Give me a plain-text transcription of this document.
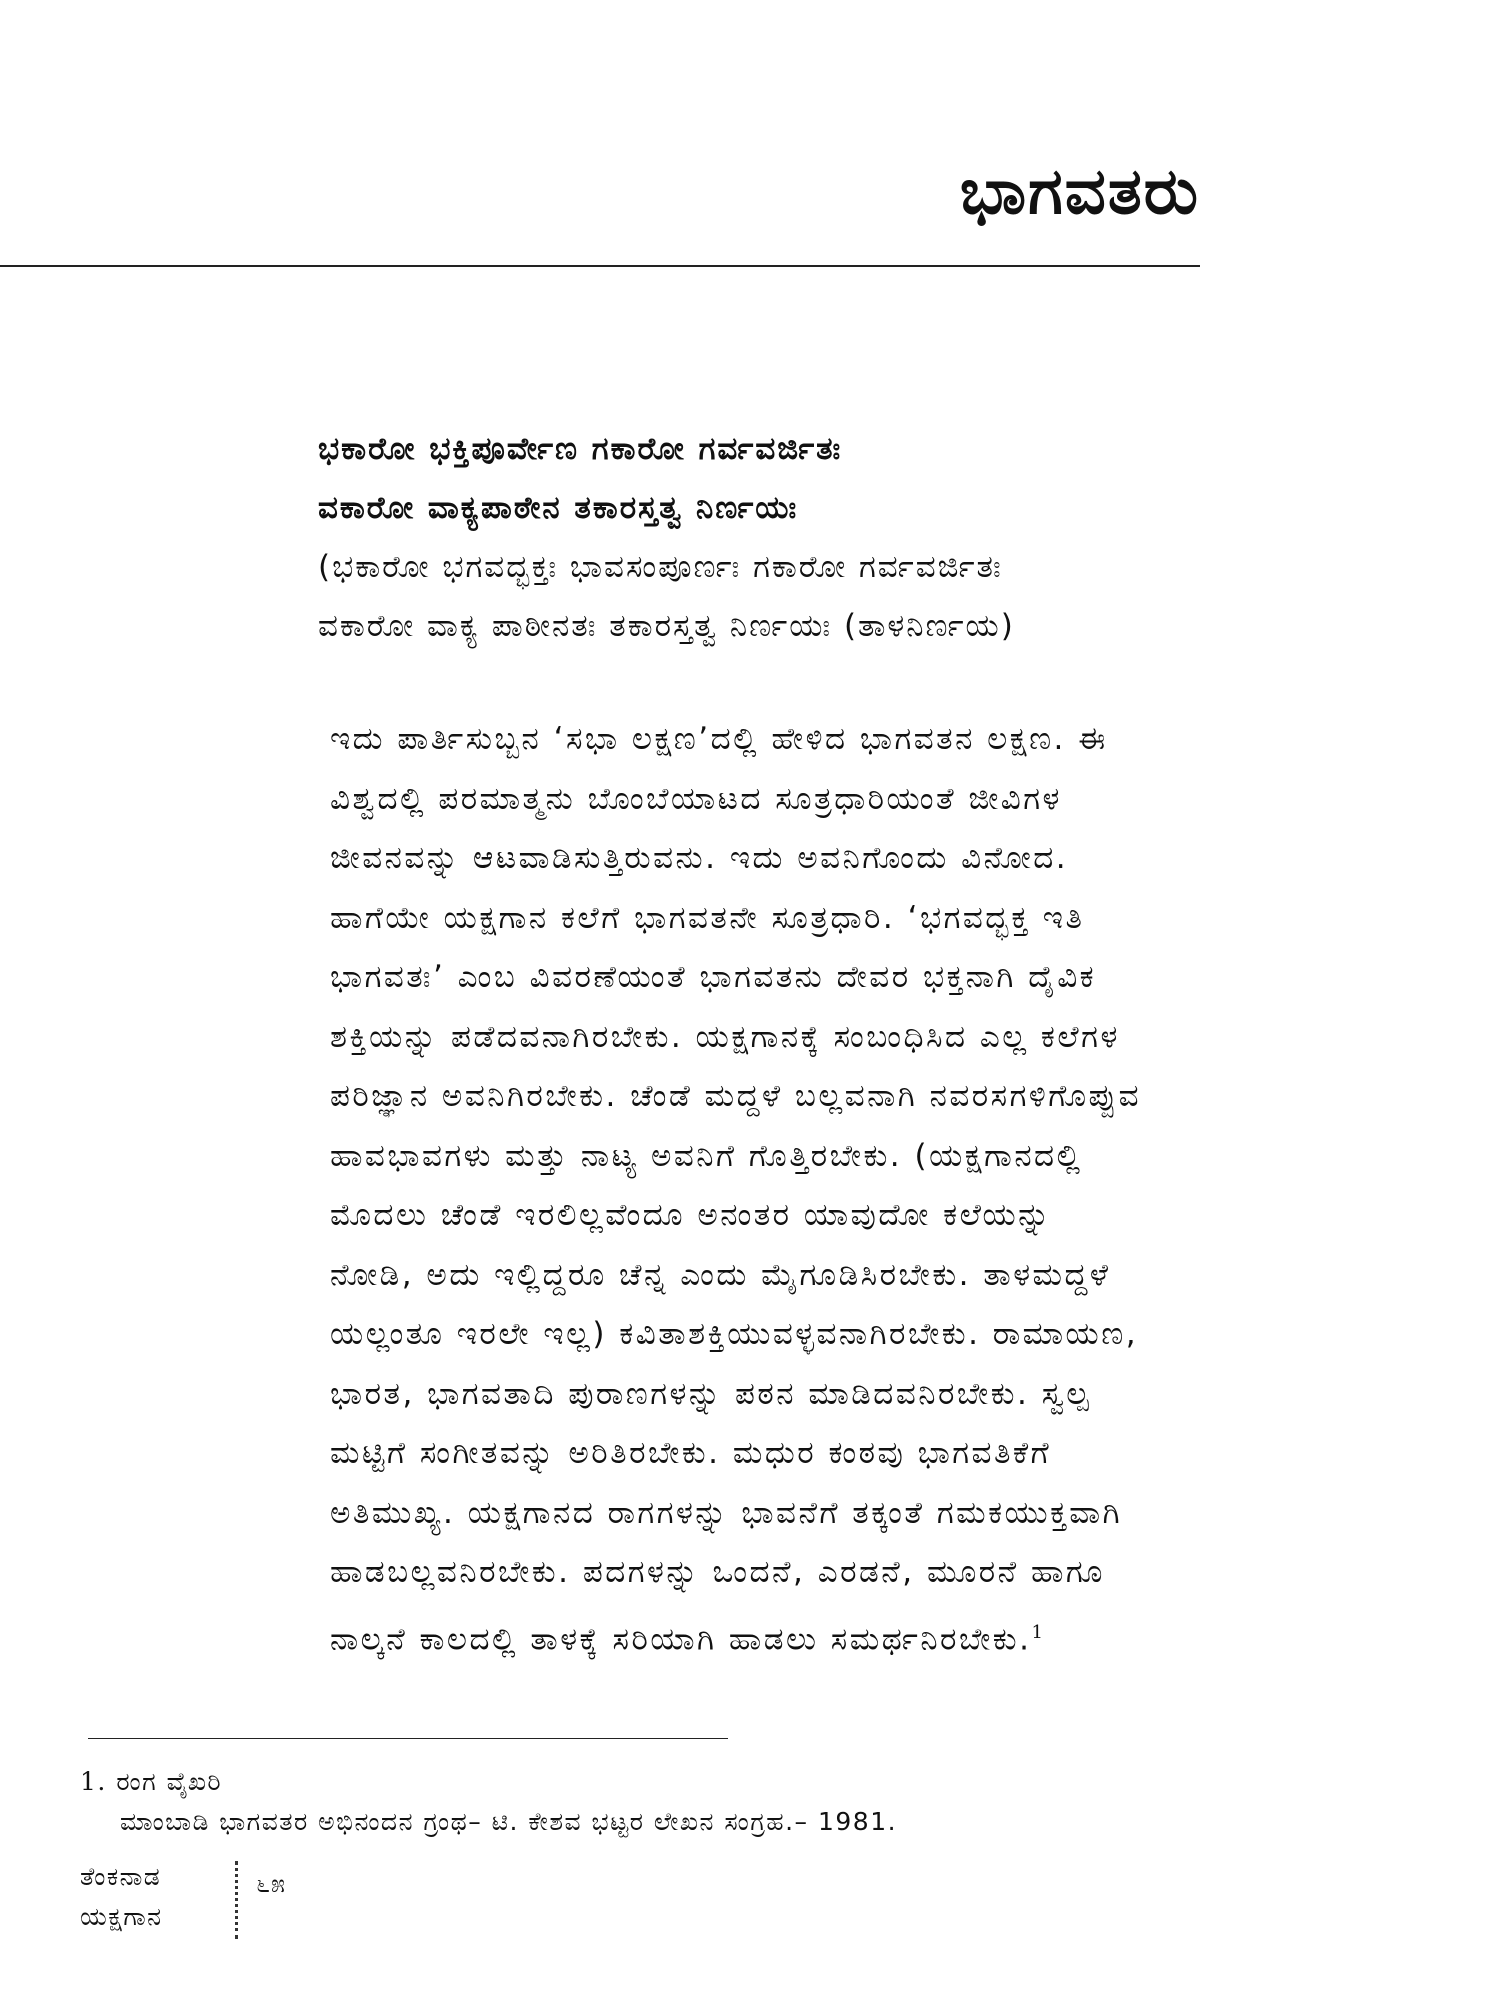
ಭಾಗವತರು

ಭಕಾರೋ ಭಕ್ತಿಪೂರ್ವೇಣ ಗಕಾರೋ ಗರ್ವವರ್ಜಿತಃ

ವಕಾರೋ ವಾಕ್ಯಪಾಠೇನ ತಕಾರಸ್ತತ್ವ ನಿರ್ಣಯಃ

(ಭಕಾರೋ ಭಗವದ್ಭಕ್ತಃ ಭಾವಸಂಪೂರ್ಣಃ ಗಕಾರೋ ಗರ್ವವರ್ಜಿತಃ

ವಕಾರೋ ವಾಕ್ಯ ಪಾಠೀನತಃ ತಕಾರಸ್ತತ್ವ ನಿರ್ಣಯಃ (ತಾಳನಿರ್ಣಯ)

ಇದು ಪಾರ್ತಿಸುಬ್ಬನ ‘ಸಭಾ ಲಕ್ಷಣ’ದಲ್ಲಿ ಹೇಳಿದ ಭಾಗವತನ ಲಕ್ಷಣ. ಈ

ವಿಶ್ವದಲ್ಲಿ ಪರಮಾತ್ಮನು ಬೊಂಬೆಯಾಟದ ಸೂತ್ರಧಾರಿಯಂತೆ ಜೀವಿಗಳ

ಜೀವನವನ್ನು ಆಟವಾಡಿಸುತ್ತಿರುವನು. ಇದು ಅವನಿಗೊಂದು ವಿನೋದ.

ಹಾಗೆಯೇ ಯಕ್ಷಗಾನ ಕಲೆಗೆ ಭಾಗವತನೇ ಸೂತ್ರಧಾರಿ. ‘ಭಗವದ್ಭಕ್ತ ಇತಿ

ಭಾಗವತಃ’ ಎಂಬ ವಿವರಣೆಯಂತೆ ಭಾಗವತನು ದೇವರ ಭಕ್ತನಾಗಿ ದೈವಿಕ

ಶಕ್ತಿಯನ್ನು ಪಡೆದವನಾಗಿರಬೇಕು. ಯಕ್ಷಗಾನಕ್ಕೆ ಸಂಬಂಧಿಸಿದ ಎಲ್ಲ ಕಲೆಗಳ

ಪರಿಜ್ಞಾನ ಅವನಿಗಿರಬೇಕು. ಚೆಂಡೆ ಮದ್ದಳೆ ಬಲ್ಲವನಾಗಿ ನವರಸಗಳಿಗೊಪ್ಪುವ

ಹಾವಭಾವಗಳು ಮತ್ತು ನಾಟ್ಯ ಅವನಿಗೆ ಗೊತ್ತಿರಬೇಕು. (ಯಕ್ಷಗಾನದಲ್ಲಿ

ಮೊದಲು ಚೆಂಡೆ ಇರಲಿಲ್ಲವೆಂದೂ ಅನಂತರ ಯಾವುದೋ ಕಲೆಯನ್ನು

ನೋಡಿ, ಅದು ಇಲ್ಲಿದ್ದರೂ ಚೆನ್ನ ಎಂದು ಮೈಗೂಡಿಸಿರಬೇಕು. ತಾಳಮದ್ದಳೆ

ಯಲ್ಲಂತೂ ಇರಲೇ ಇಲ್ಲ) ಕವಿತಾಶಕ್ತಿಯುವಳ್ಳವನಾಗಿರಬೇಕು. ರಾಮಾಯಣ,

ಭಾರತ, ಭಾಗವತಾದಿ ಪುರಾಣಗಳನ್ನು ಪಠನ ಮಾಡಿದವನಿರಬೇಕು. ಸ್ವಲ್ಪ

ಮಟ್ಟಿಗೆ ಸಂಗೀತವನ್ನು ಅರಿತಿರಬೇಕು. ಮಧುರ ಕಂಠವು ಭಾಗವತಿಕೆಗೆ

ಅತಿಮುಖ್ಯ. ಯಕ್ಷಗಾನದ ರಾಗಗಳನ್ನು ಭಾವನೆಗೆ ತಕ್ಕಂತೆ ಗಮಕಯುಕ್ತವಾಗಿ

ಹಾಡಬಲ್ಲವನಿರಬೇಕು. ಪದಗಳನ್ನು ಒಂದನೆ, ಎರಡನೆ, ಮೂರನೆ ಹಾಗೂ

ನಾಲ್ಕನೆ ಕಾಲದಲ್ಲಿ ತಾಳಕ್ಕೆ ಸರಿಯಾಗಿ ಹಾಡಲು ಸಮರ್ಥನಿರಬೇಕು.$^1$

1. ರಂಗ ವೈಖರಿ

ಮಾಂಬಾಡಿ ಭಾಗವತರ ಅಭಿನಂದನ ಗ್ರಂಥ– ಟಿ. ಕೇಶವ ಭಟ್ಟರ ಲೇಖನ ಸಂಗ್ರಹ.– 1981.

ತೆಂಕನಾಡ
ಯಕ್ಷಗಾನ
೬೫
